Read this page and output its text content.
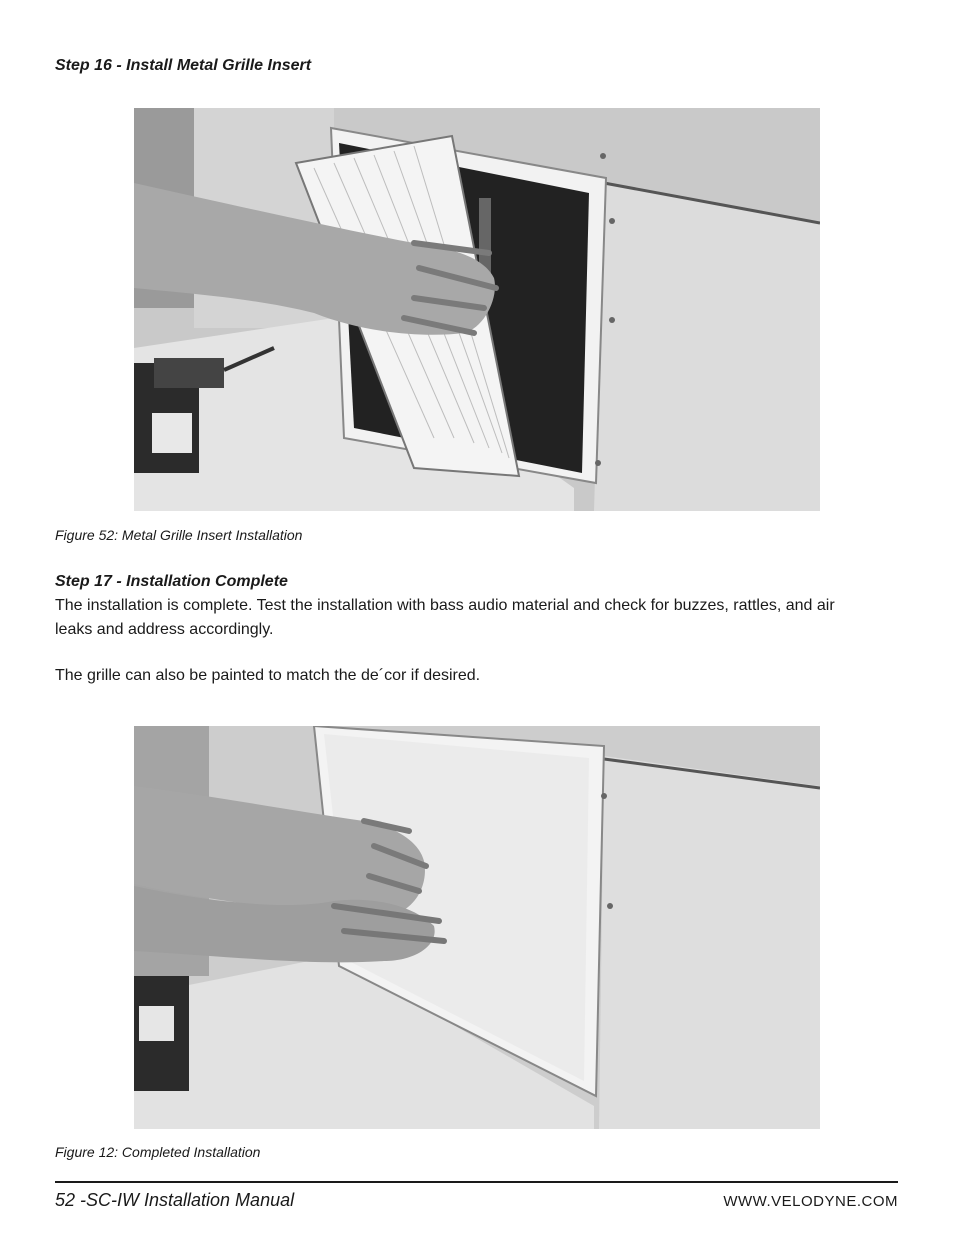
Step 16 - Install Metal Grille Insert
Figure 52: Metal Grille Insert Installation
Step 17 - Installation Complete
The installation is complete. Test the installation with bass audio material and check for buzzes, rattles, and air
leaks and address accordingly.
The grille can also be painted to match the de´cor if desired.
Figure 12: Completed Installation
52 -SC-IW Installation Manual	WWW.VELODYNE.COM
